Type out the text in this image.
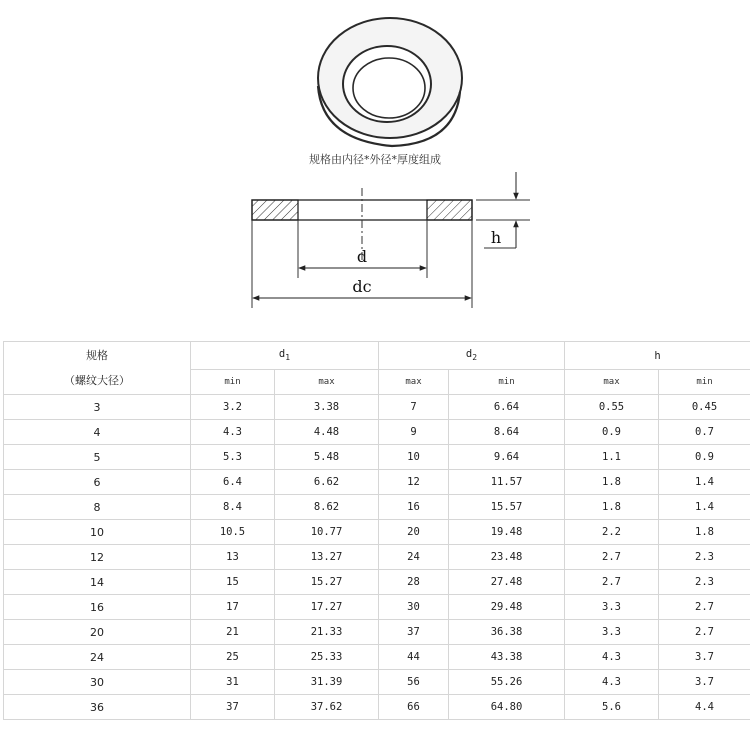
d
dc
h
规格由内径*外径*厚度组成
规格
（螺纹大径）	$d_1$		$d_2$		h	
	min	max	max	min	max	min
3	3.2	3.38	7	6.64	0.55	0.45
4	4.3	4.48	9	8.64	0.9	0.7
5	5.3	5.48	10	9.64	1.1	0.9
6	6.4	6.62	12	11.57	1.8	1.4
8	8.4	8.62	16	15.57	1.8	1.4
10	10.5	10.77	20	19.48	2.2	1.8
12	13	13.27	24	23.48	2.7	2.3
14	15	15.27	28	27.48	2.7	2.3
16	17	17.27	30	29.48	3.3	2.7
20	21	21.33	37	36.38	3.3	2.7
24	25	25.33	44	43.38	4.3	3.7
30	31	31.39	56	55.26	4.3	3.7
36	37	37.62	66	64.80	5.6	4.4
